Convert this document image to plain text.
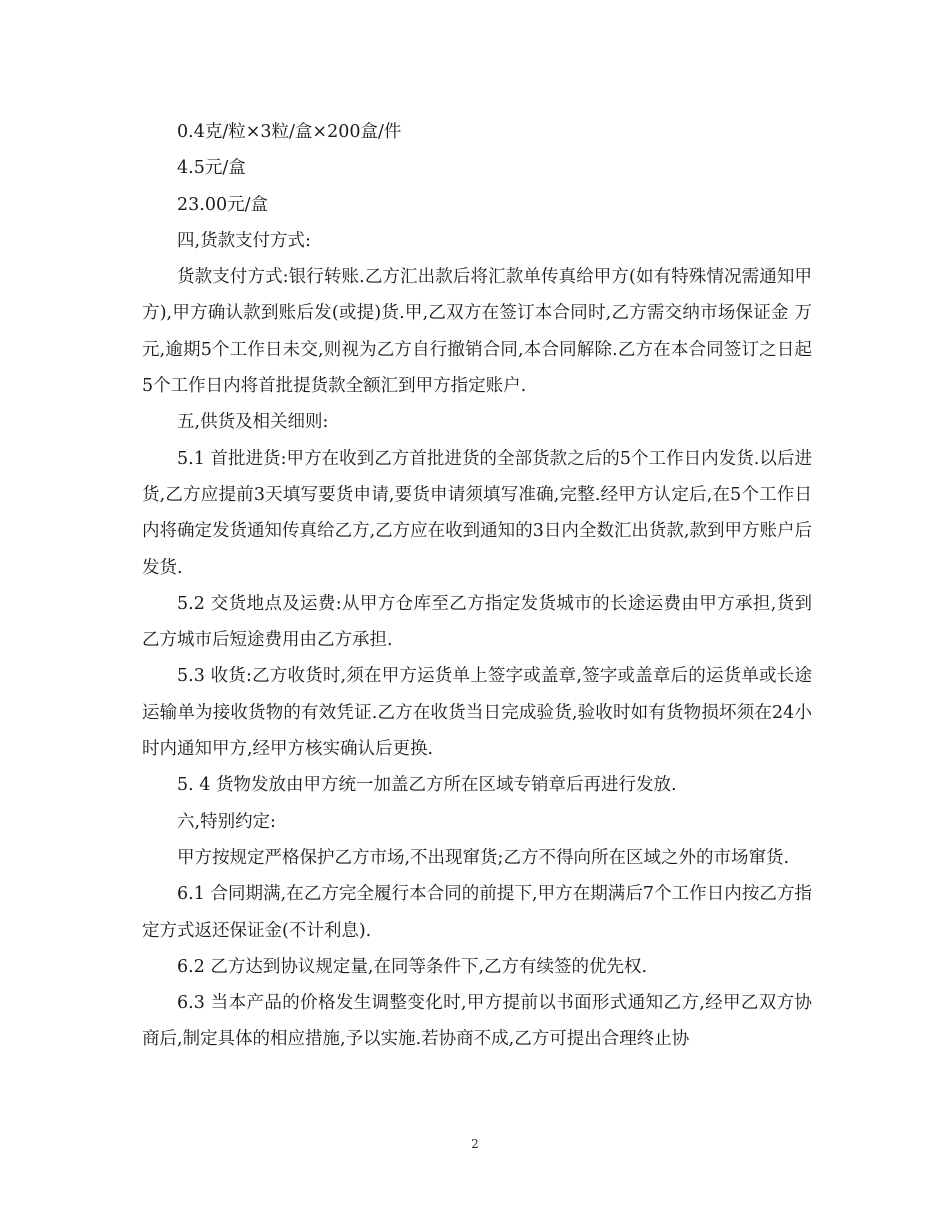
0.4克/粒×3粒/盒×200盒/件

4.5元/盒

23.00元/盒

四,货款支付方式:

货款支付方式:银行转账.乙方汇出款后将汇款单传真给甲方(如有特殊情况需通知甲方),甲方确认款到账后发(或提)货.甲,乙双方在签订本合同时,乙方需交纳市场保证金 万元,逾期5个工作日未交,则视为乙方自行撤销合同,本合同解除.乙方在本合同签订之日起5个工作日内将首批提货款全额汇到甲方指定账户.

五,供货及相关细则:

5.1 首批进货:甲方在收到乙方首批进货的全部货款之后的5个工作日内发货.以后进货,乙方应提前3天填写要货申请,要货申请须填写准确,完整.经甲方认定后,在5个工作日内将确定发货通知传真给乙方,乙方应在收到通知的3日内全数汇出货款,款到甲方账户后发货.

5.2 交货地点及运费:从甲方仓库至乙方指定发货城市的长途运费由甲方承担,货到乙方城市后短途费用由乙方承担.

5.3 收货:乙方收货时,须在甲方运货单上签字或盖章,签字或盖章后的运货单或长途运输单为接收货物的有效凭证.乙方在收货当日完成验货,验收时如有货物损坏须在24小时内通知甲方,经甲方核实确认后更换.

5. 4 货物发放由甲方统一加盖乙方所在区域专销章后再进行发放.

六,特别约定:

甲方按规定严格保护乙方市场,不出现窜货;乙方不得向所在区域之外的市场窜货.

6.1 合同期满,在乙方完全履行本合同的前提下,甲方在期满后7个工作日内按乙方指定方式返还保证金(不计利息).

6.2 乙方达到协议规定量,在同等条件下,乙方有续签的优先权.

6.3 当本产品的价格发生调整变化时,甲方提前以书面形式通知乙方,经甲乙双方协商后,制定具体的相应措施,予以实施.若协商不成,乙方可提出合理终止协

2
